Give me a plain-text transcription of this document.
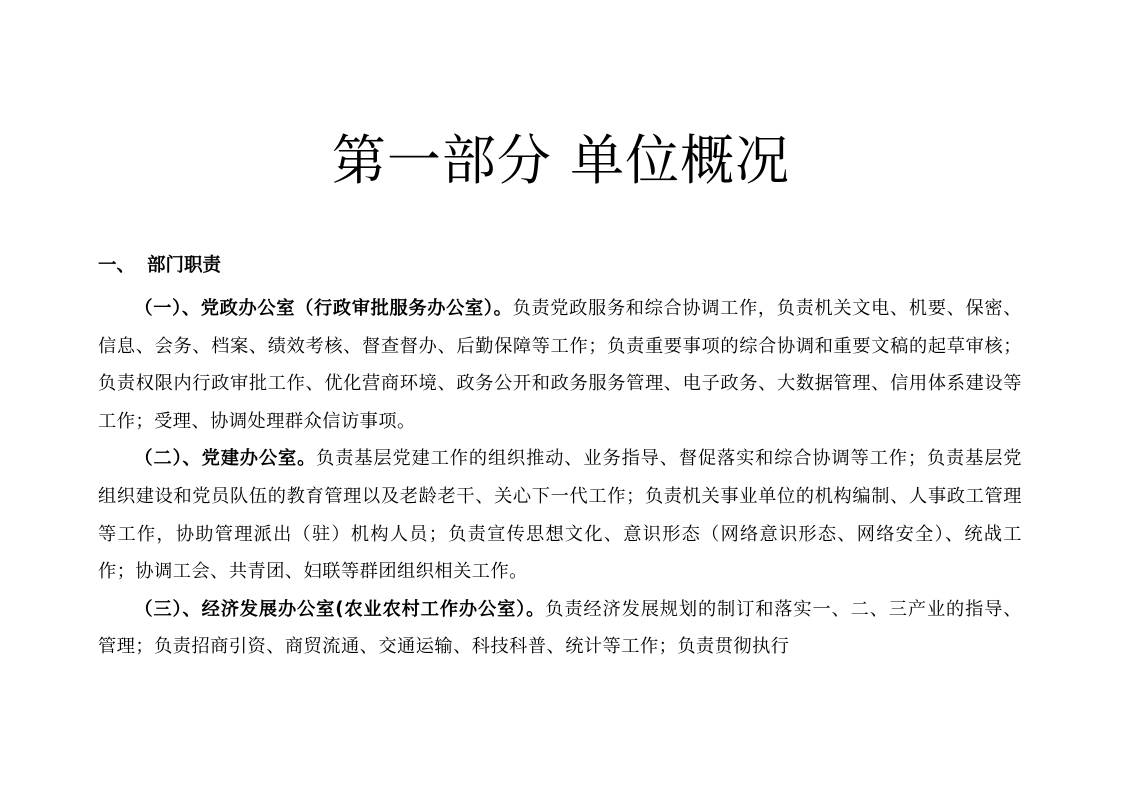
第一部分 单位概况
一、 部门职责

（一）、党政办公室（行政审批服务办公室）。负责党政服务和综合协调工作，负责机关文电、机要、保密、信息、会务、档案、绩效考核、督查督办、后勤保障等工作；负责重要事项的综合协调和重要文稿的起草审核；负责权限内行政审批工作、优化营商环境、政务公开和政务服务管理、电子政务、大数据管理、信用体系建设等工作；受理、协调处理群众信访事项。

（二）、党建办公室。负责基层党建工作的组织推动、业务指导、督促落实和综合协调等工作；负责基层党组织建设和党员队伍的教育管理以及老龄老干、关心下一代工作；负责机关事业单位的机构编制、人事政工管理等工作，协助管理派出（驻）机构人员；负责宣传思想文化、意识形态（网络意识形态、网络安全）、统战工作；协调工会、共青团、妇联等群团组织相关工作。

（三）、经济发展办公室(农业农村工作办公室）。负责经济发展规划的制订和落实一、二、三产业的指导、管理；负责招商引资、商贸流通、交通运输、科技科普、统计等工作；负责贯彻执行
